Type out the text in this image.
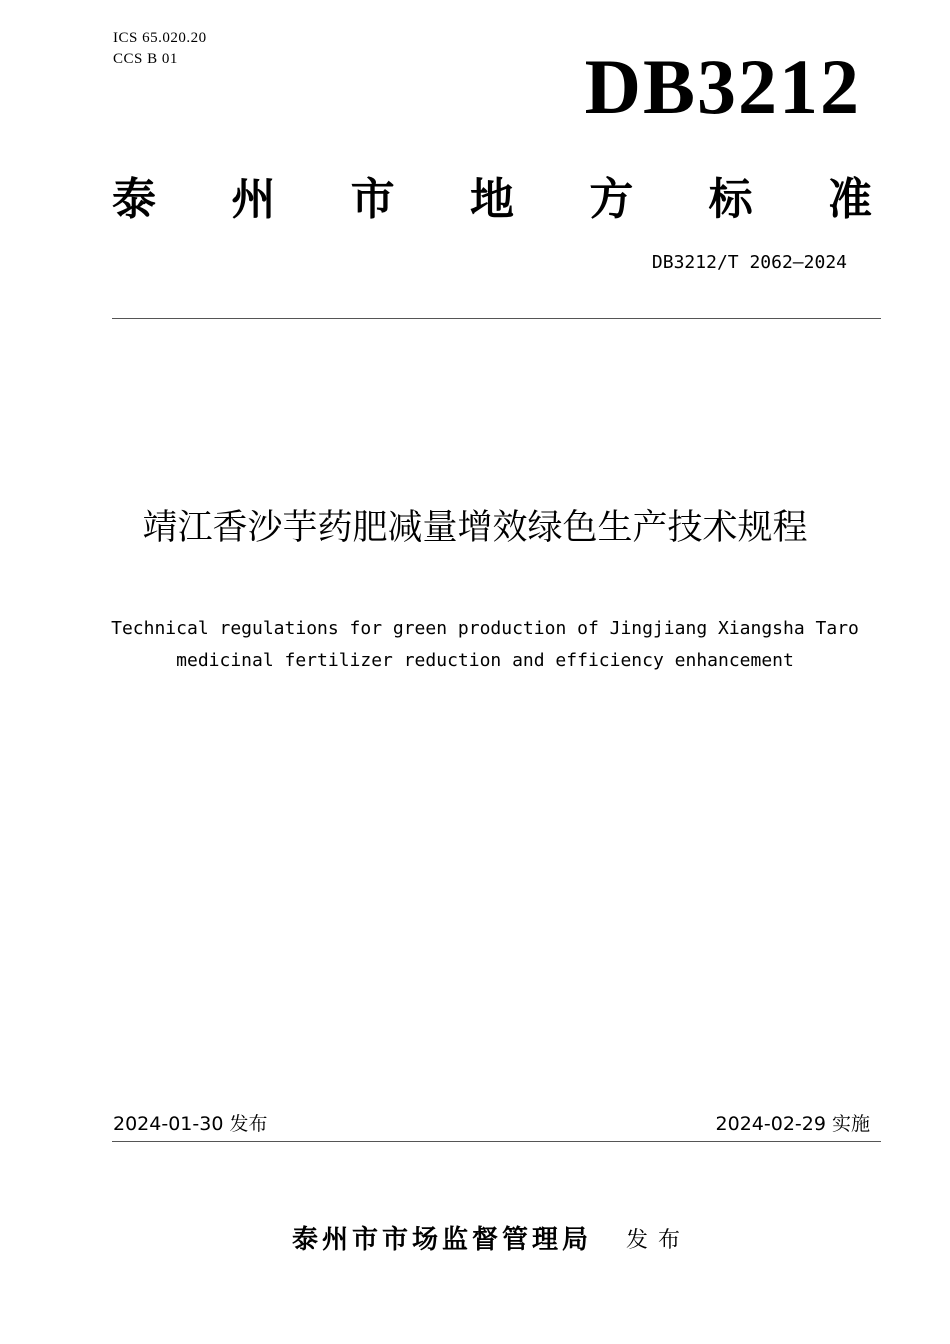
ICS 65.020.20
CCS B 01	DB3212
泰 州 市 地 方 标 准
DB3212/T 2062—2024
靖江香沙芋药肥减量增效绿色生产技术规程
Technical regulations for green production of Jingjiang Xiangsha Taro
medicinal fertilizer reduction and efficiency enhancement
2024-01-30 发布	2024-02-29 实施
泰州市市场监督管理局 发布
